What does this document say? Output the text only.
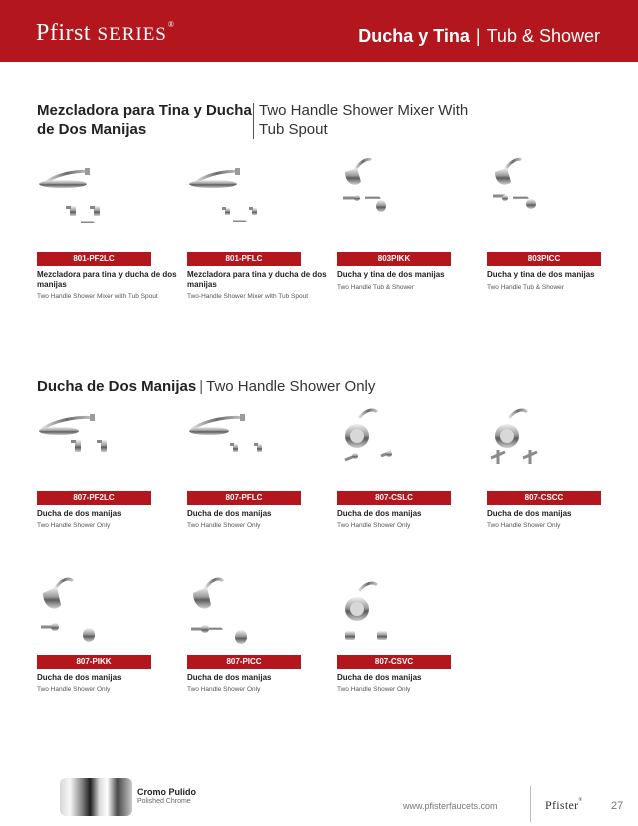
Pfirst SERIES®
Ducha y Tina | Tub & Shower
Mezcladora para Tina y Ducha de Dos Manijas
Two Handle Shower Mixer With Tub Spout
Ducha de Dos Manijas | Two Handle Shower Only
801-PF2LC
Mezcladora para tina y ducha de dos manijas
Two Handle Shower Mixer with Tub Spout
801-PFLC
Mezcladora para tina y ducha de dos manijas
Two-Handle Shower Mixer with Tub Spout
803PIKK
Ducha y tina de dos manijas
Two Handle Tub & Shower
803PICC
Ducha y tina de dos manijas
Two Handle Tub & Shower
807-PF2LC
Ducha de dos manijas
Two Handle Shower Only
807-PFLC
Ducha de dos manijas
Two Handle Shower Only
807-CSLC
Ducha de dos manijas
Two Handle Shower Only
807-CSCC
Ducha de dos manijas
Two Handle Shower Only
807-PIKK
Ducha de dos manijas
Two Handle Shower Only
807-PICC
Ducha de dos manijas
Two Handle Shower Only
807-CSVC
Ducha de dos manijas
Two Handle Shower Only
Cromo Pulido
Polished Chrome	www.pfisterfaucets.com	Pfister®	27
